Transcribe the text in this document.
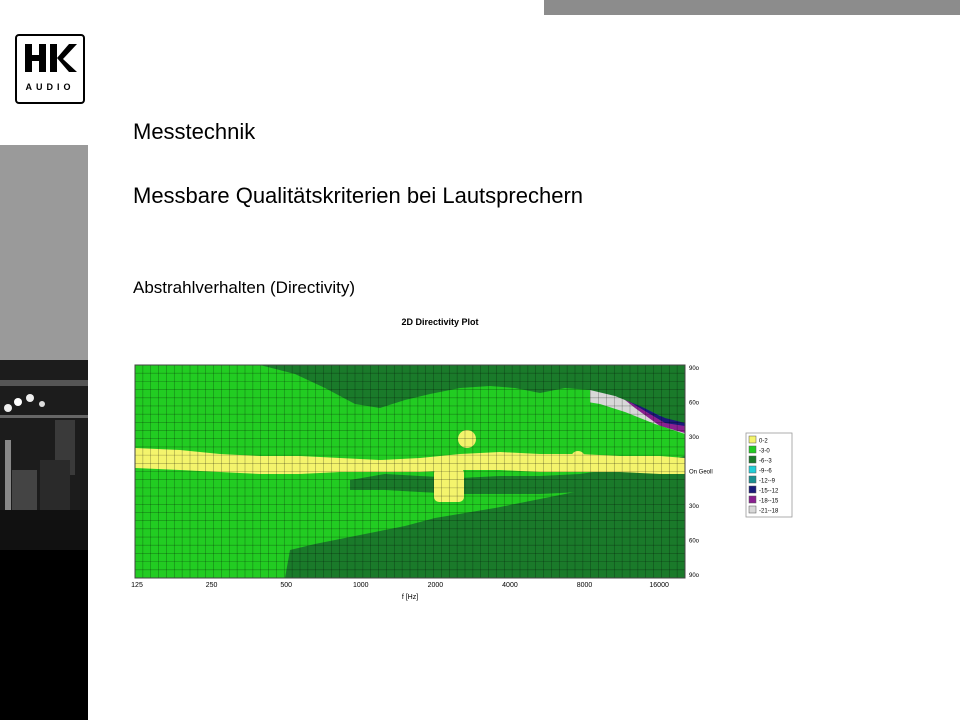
AUDIO
Messtechnik
Messbare Qualitätskriterien bei Lautsprechern
Abstrahlverhalten (Directivity)
2D Directivity Plot
125	250	500	1000	2000	4000	8000	16000
90o
60o
30o
On Geoll
30o
60o
90o
f [Hz]
0-2
-3-0
-6--3
-9--6
-12--9
-15--12
-18--15
-21--18
